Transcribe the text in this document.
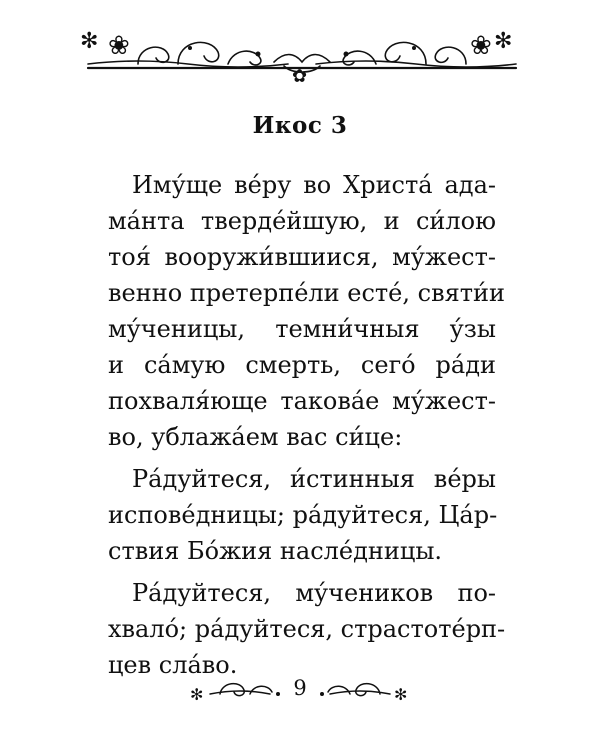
✻ ❀	✻
❀
✿
Икос 3

Иму́ще ве́ру во Христа́ ада-
ма́нта тверде́йшую, и си́лою
тоя́ вооружи́вшиися, му́жест-
венно претерпе́ли есте́, святи́и
му́ченицы, темни́чныя у́зы
и са́мую смерть, сего́ ра́ди
похваля́юще такова́е му́жест-
во, ублажа́ем вас си́це:

Ра́дуйтеся, и́стинныя ве́ры
испове́дницы; ра́дуйтеся, Ца́р-
ствия Бо́жия насле́дницы.

Ра́дуйтеся, му́чеников по-
хвало́; ра́дуйтеся, страстоте́рп-
цев сла́во.

✻	✻
9
